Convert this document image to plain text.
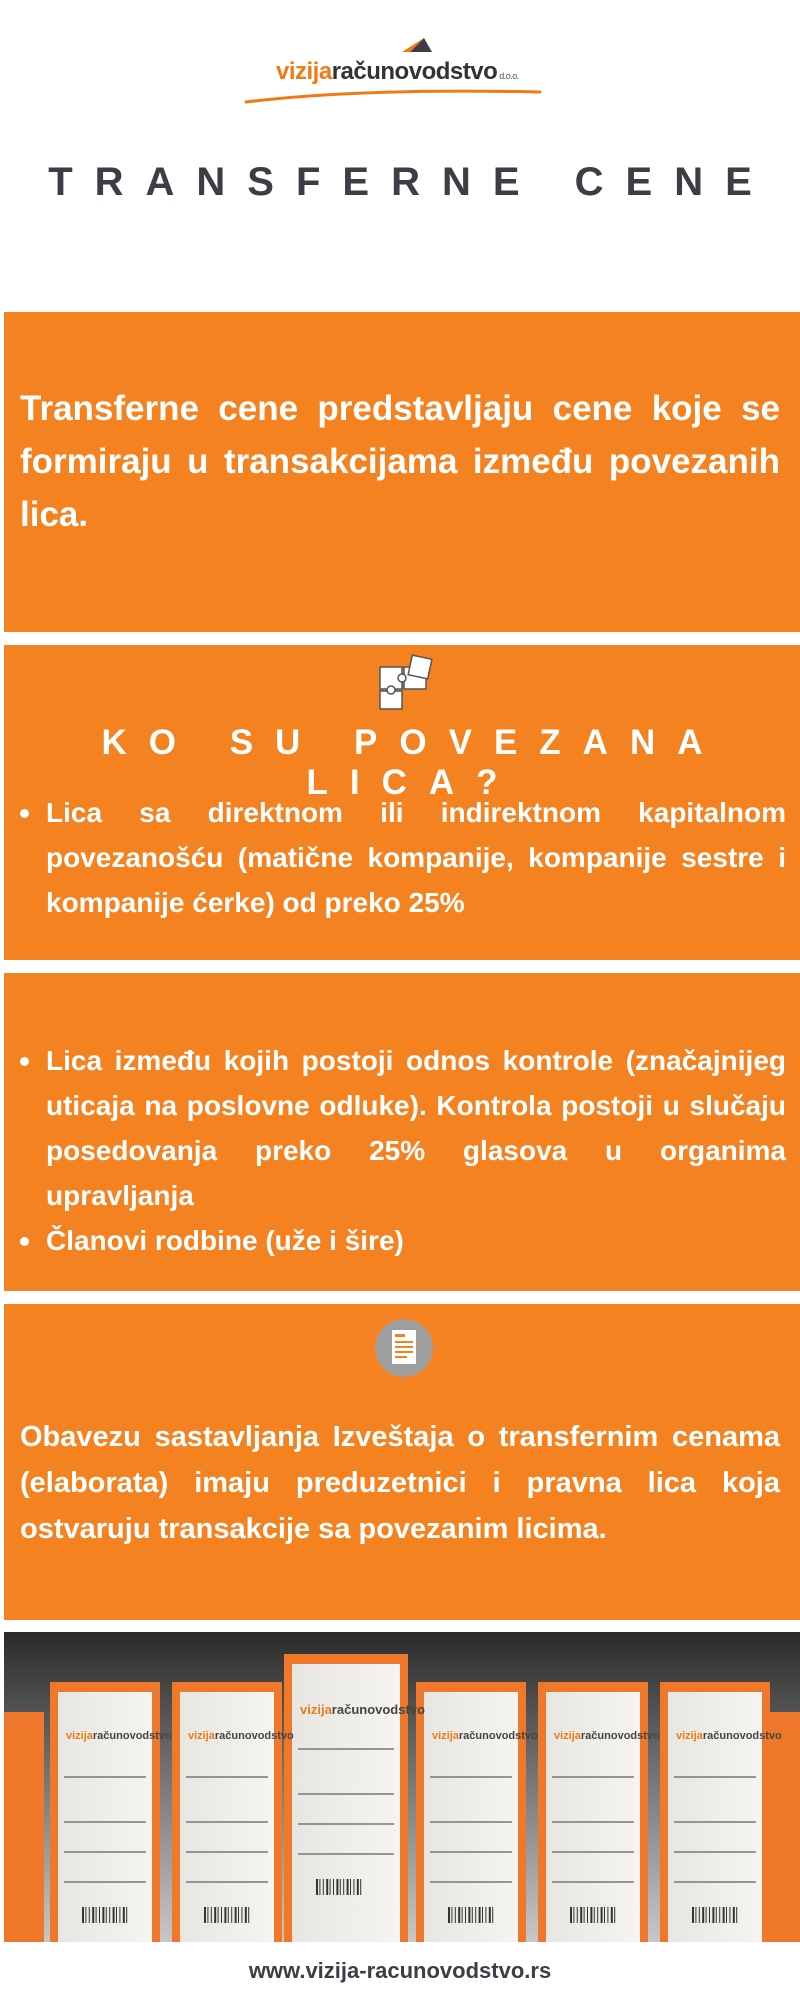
vizijaračunovodstvo d.o.o.
TRANSFERNE CENE
Transferne cene predstavljaju cene koje se formiraju u transakcijama između povezanih lica.
KO SU POVEZANA LICA?
Lica sa direktnom ili indirektnom kapitalnom povezanošću (matične kompanije, kompanije sestre i kompanije ćerke) od preko 25%
Lica između kojih postoji odnos kontrole (značajnijeg uticaja na poslovne odluke). Kontrola postoji u slučaju posedovanja preko 25% glasova u organima upravljanja
Članovi rodbine (uže i šire)
Obavezu sastavljanja Izveštaja o transfernim cenama (elaborata) imaju preduzetnici i pravna lica koja ostvaruju transakcije sa povezanim licima.
vizijaračunovodstvo vizijaračunovodstvo
vizijaračunovodstvo
vizijaračunovodstvo vizijaračunovodstvo vizijaračunovodstvo
www.vizija-racunovodstvo.rs
